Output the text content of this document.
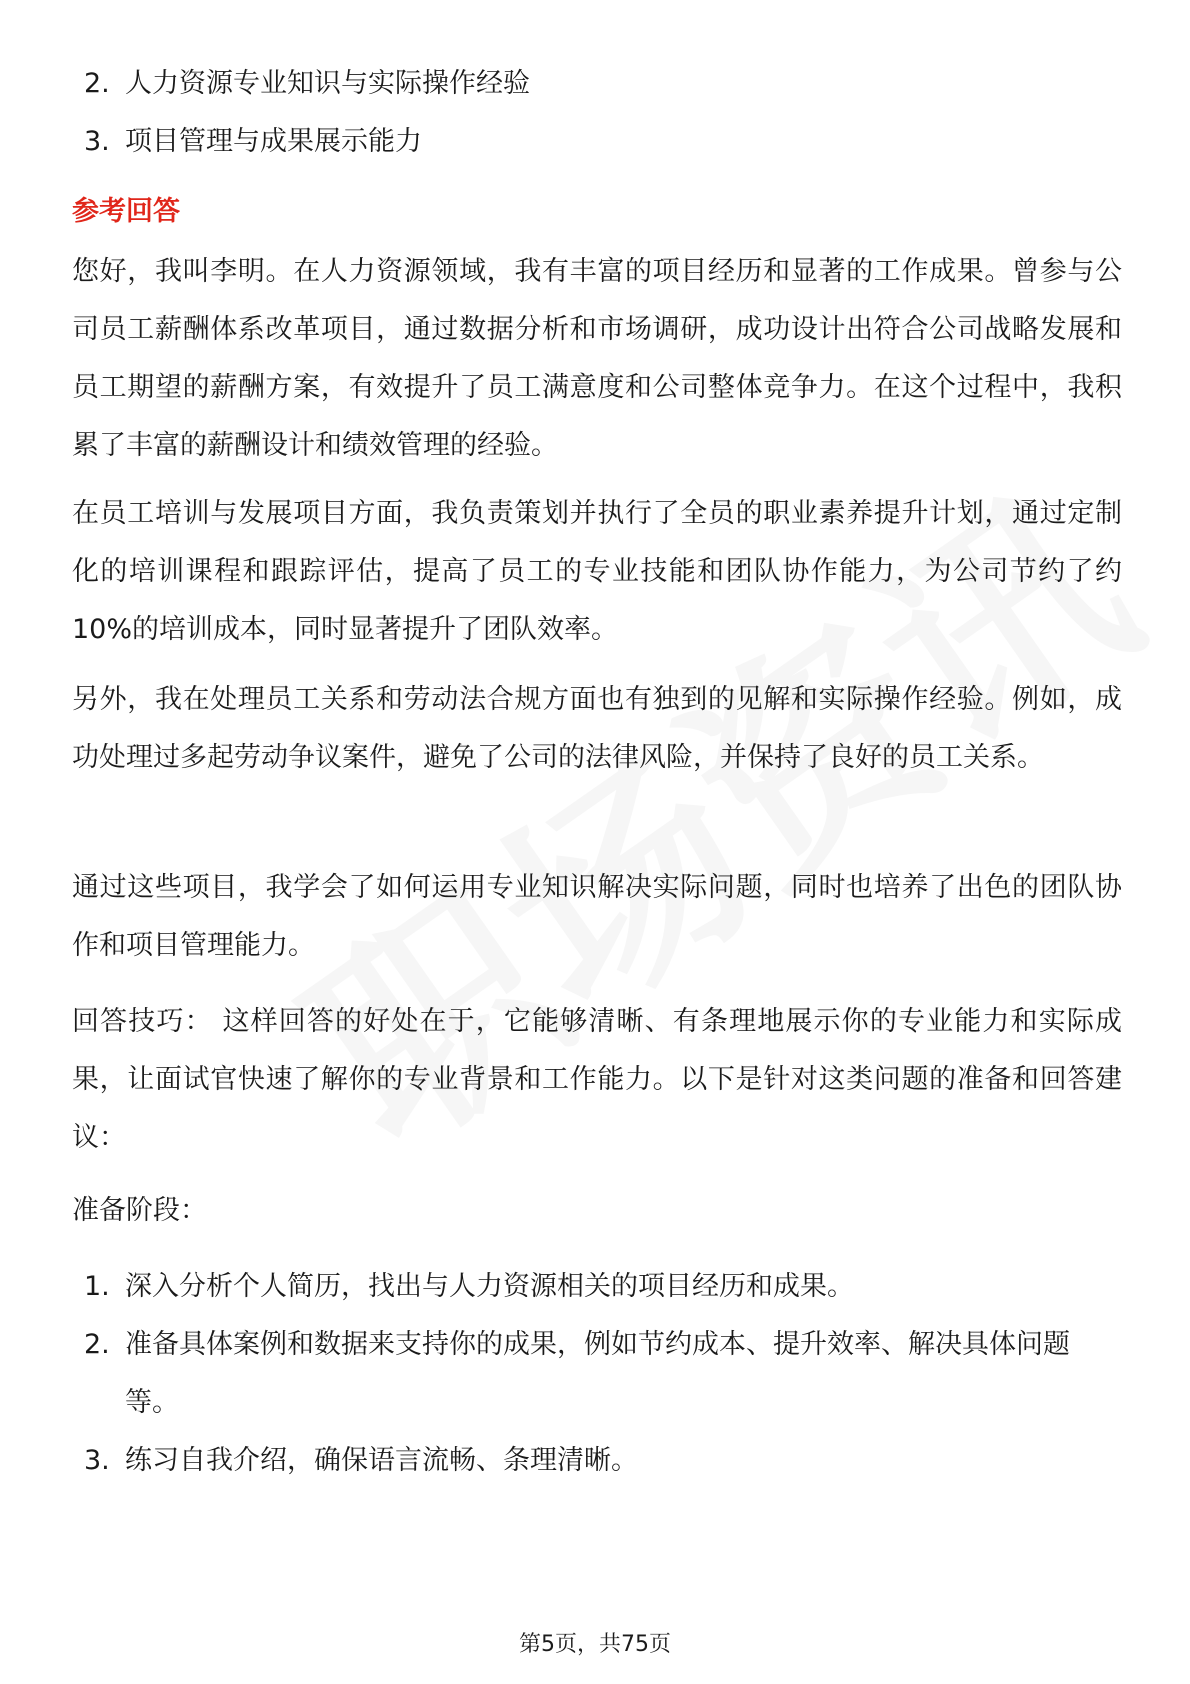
2. 人力资源专业知识与实际操作经验
3. 项目管理与成果展示能力
参考回答

您好，我叫李明。在人力资源领域，我有丰富的项目经历和显著的工作成果。曾参与公司员工薪酬体系改革项目，通过数据分析和市场调研，成功设计出符合公司战略发展和员工期望的薪酬方案，有效提升了员工满意度和公司整体竞争力。在这个过程中，我积累了丰富的薪酬设计和绩效管理的经验。

在员工培训与发展项目方面，我负责策划并执行了全员的职业素养提升计划，通过定制化的培训课程和跟踪评估，提高了员工的专业技能和团队协作能力，为公司节约了约10%的培训成本，同时显著提升了团队效率。

另外，我在处理员工关系和劳动法合规方面也有独到的见解和实际操作经验。例如，成功处理过多起劳动争议案件，避免了公司的法律风险，并保持了良好的员工关系。

通过这些项目，我学会了如何运用专业知识解决实际问题，同时也培养了出色的团队协作和项目管理能力。

回答技巧： 这样回答的好处在于，它能够清晰、有条理地展示你的专业能力和实际成果，让面试官快速了解你的专业背景和工作能力。以下是针对这类问题的准备和回答建议：

准备阶段：

1. 深入分析个人简历，找出与人力资源相关的项目经历和成果。
2. 准备具体案例和数据来支持你的成果，例如节约成本、提升效率、解决具体问题等。
3. 练习自我介绍，确保语言流畅、条理清晰。
第5页，共75页
